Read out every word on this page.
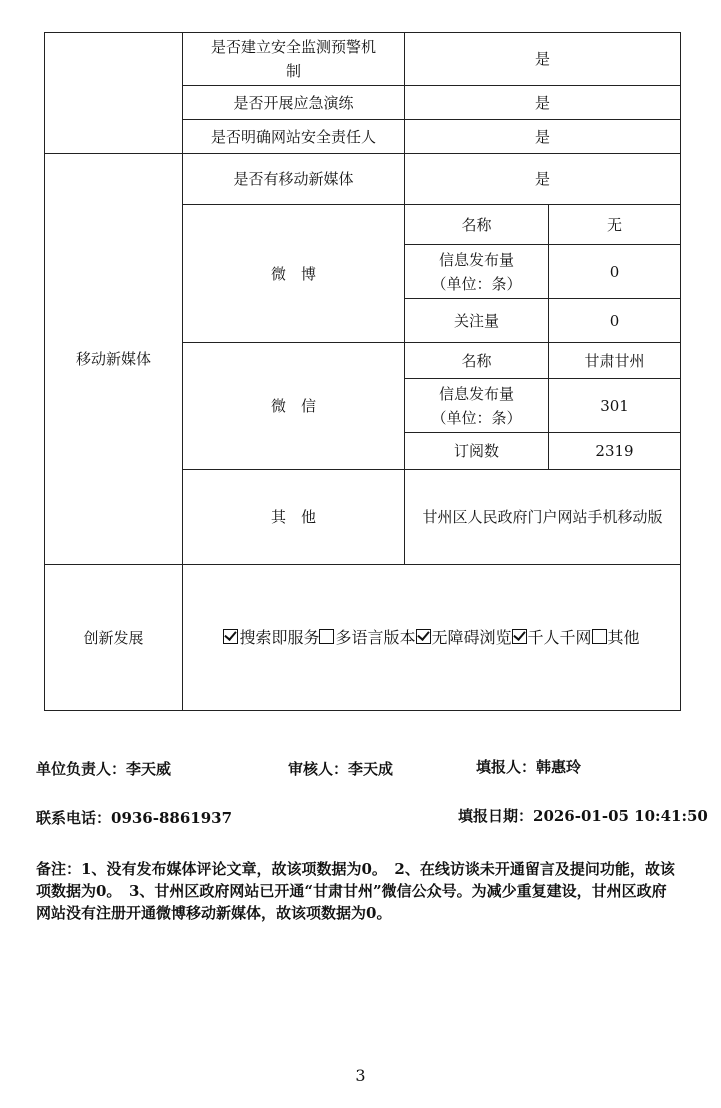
	是否建立安全监测预警机制	是	
	是否开展应急演练	是	
	是否明确网站安全责任人	是	
移动新媒体	是否有移动新媒体	是	
	微　博	名称	无
		信息发布量（单位：条）	0
		关注量	0
	微　信	名称	甘肃甘州
		信息发布量（单位：条）	301
		订阅数	2319
	其　他	甘州区人民政府门户网站手机移动版	
创新发展	搜索即服务 多语言版本 无障碍浏览 千人千网 其他		
单位负责人：李天威	审核人：李天成	填报人：韩惠玲
联系电话：0936-8861937	填报日期：2026-01-05 10:41:50
备注：1、没有发布媒体评论文章，故该项数据为0。　2、在线访谈未开通留言及提问功能，故该项数据为0。　3、甘州区政府网站已开通“甘肃甘州”微信公众号。为减少重复建设，甘州区政府网站没有注册开通微博移动新媒体，故该项数据为0。
3
